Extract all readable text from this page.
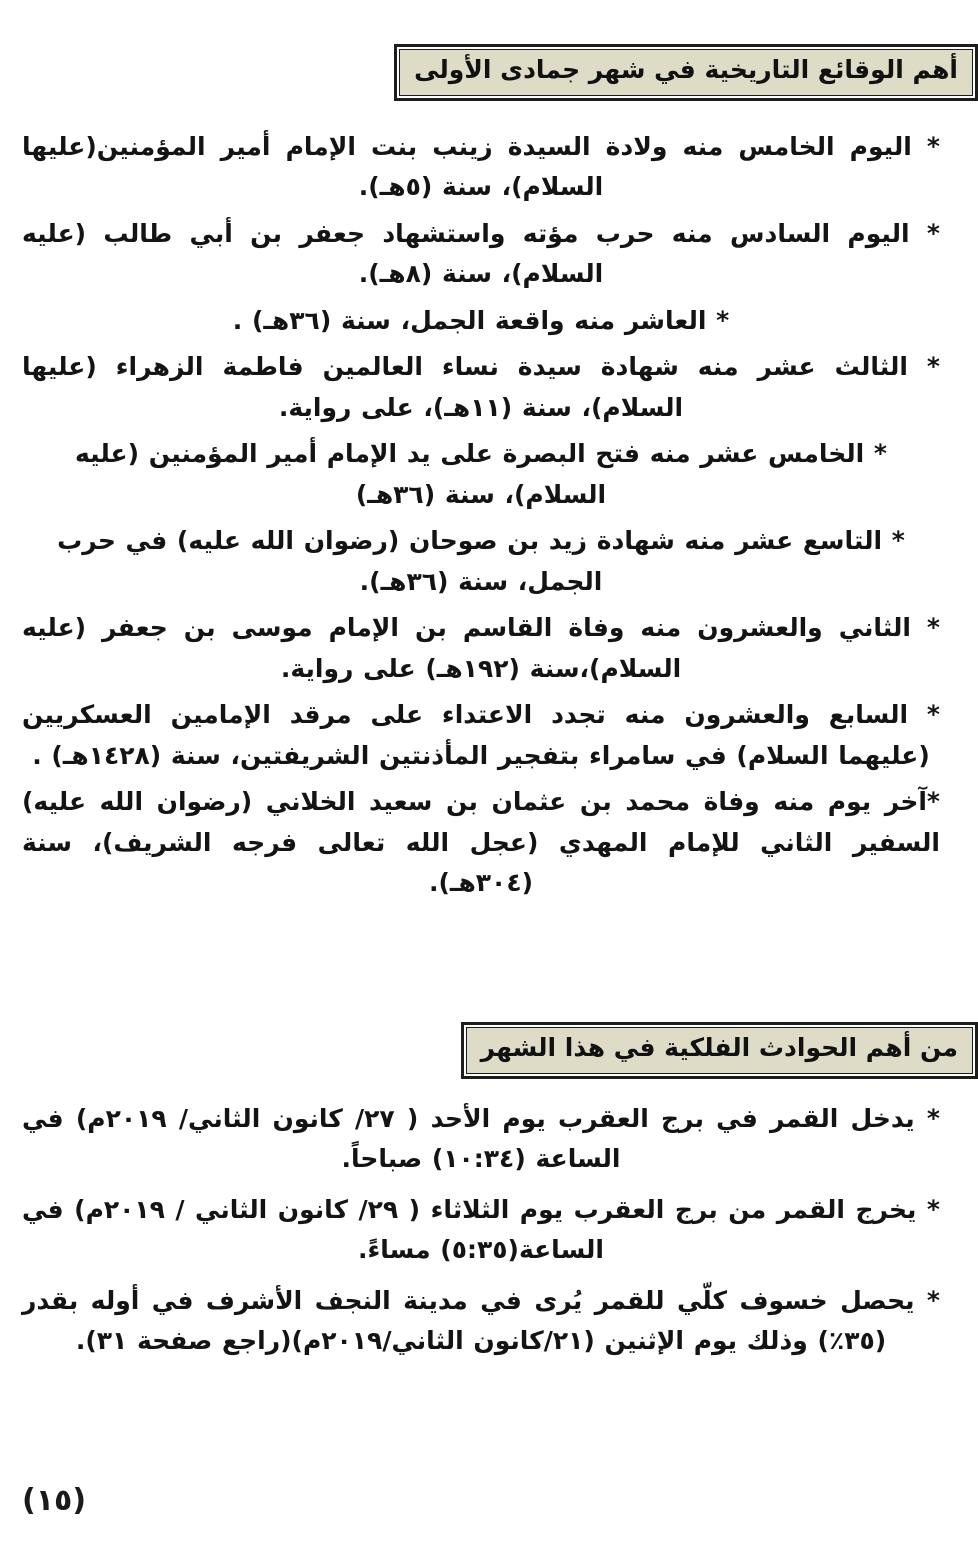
أهم الوقائع التاريخية في شهر جمادى الأولى

* اليوم الخامس منه ولادة السيدة زينب بنت الإمام أمير المؤمنين(عليها السلام)، سنة (٥هـ).

* اليوم السادس منه حرب مؤته واستشهاد جعفر بن أبي طالب (عليه السلام)، سنة (٨هـ).

* العاشر منه واقعة الجمل، سنة (٣٦هـ) .

* الثالث عشر منه شهادة سيدة نساء العالمين فاطمة الزهراء (عليها السلام)، سنة (١١هـ)، على رواية.

* الخامس عشر منه فتح البصرة على يد الإمام أمير المؤمنين (عليه السلام)، سنة (٣٦هـ)

* التاسع عشر منه شهادة زيد بن صوحان (رضوان الله عليه) في حرب الجمل، سنة (٣٦هـ).

* الثاني والعشرون منه وفاة القاسم بن الإمام موسى بن جعفر (عليه السلام)،سنة (١٩٢هـ) على رواية.

* السابع والعشرون منه تجدد الاعتداء على مرقد الإمامين العسكريين (عليهما السلام) في سامراء بتفجير المأذنتين الشريفتين، سنة (١٤٢٨هـ) .

*آخر يوم منه وفاة محمد بن عثمان بن سعيد الخلاني (رضوان الله عليه) السفير الثاني للإمام المهدي (عجل الله تعالى فرجه الشريف)، سنة (٣٠٤هـ).

من أهم الحوادث الفلكية في هذا الشهر

* يدخل القمر في برج العقرب يوم الأحد ( ٢٧/ كانون الثاني/ ٢٠١٩م) في الساعة (١٠:٣٤) صباحاً.

* يخرج القمر من برج العقرب يوم الثلاثاء ( ٢٩/ كانون الثاني / ٢٠١٩م) في الساعة(٥:٣٥) مساءً.

* يحصل خسوف كلّي للقمر يُرى في مدينة النجف الأشرف في أوله بقدر (٣٥٪) وذلك يوم الإثنين (٢١/كانون الثاني/٢٠١٩م)(راجع صفحة ٣١).

(١٥)
